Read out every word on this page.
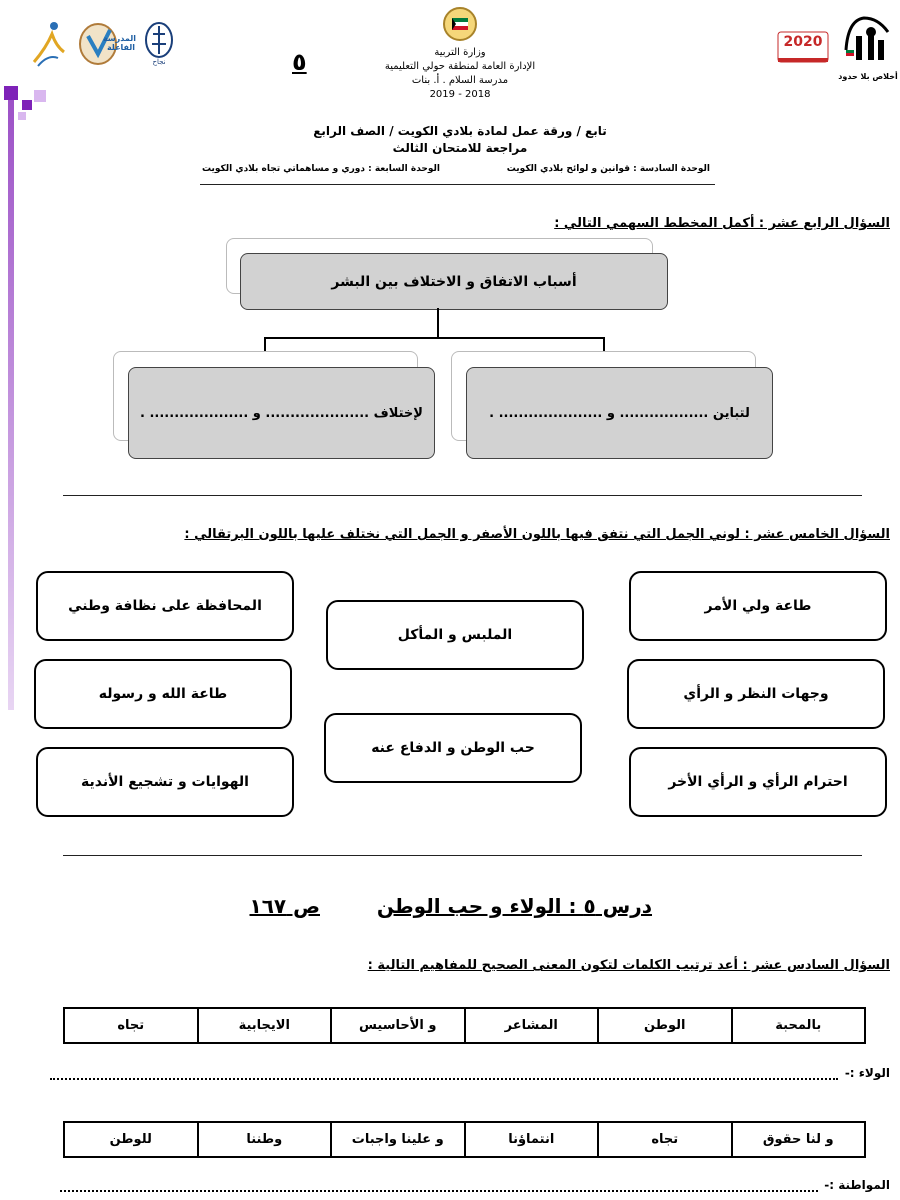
المدرسة الفاعلة
نجاح	٥	وزارة التربية
الإدارة العامة لمنطقة حولي التعليمية
مدرسة السلام . أ. بنات
2018 - 2019
2020
أخلاص بلا حدود
تابع / ورقة عمل لمادة بلادي الكويت / الصف الرابع
مراجعة للامتحان الثالث
الوحدة السادسة : قوانين و لوائح بلادي الكويت
الوحدة السابعة : دوري و مساهماتي تجاه بلادي الكويت
السؤال الرابع عشر : أكمل المخطط السهمي التالي :
أسباب الاتفاق و الاختلاف بين البشر
لإختلاف ..................... و .................... .	لتباين .................. و ..................... .
السؤال الخامس عشر : لوني الجمل التي نتفق فيها باللون الأصفر و الجمل التي نختلف عليها باللون البرتقالي :
طاعة ولي الأمر
وجهات النظر و الرأي
احترام الرأي و الرأي الأخر
الملبس و المأكل
حب الوطن و الدفاع عنه
المحافظة على نظافة وطني
طاعة الله و رسوله
الهوايات و تشجيع الأندية
درس ٥ : الولاء و حب الوطن
ص ١٦٧
السؤال السادس عشر : أعد ترتيب الكلمات لتكون المعنى الصحيح للمفاهيم التالية :
بالمحبة	الوطن	المشاعر	و الأحاسيس	الايجابية	تجاه
الولاء :-
و لنا حقوق	تجاه	انتماؤنا	و علينا واجبات	وطننا	للوطن
المواطنة :-
